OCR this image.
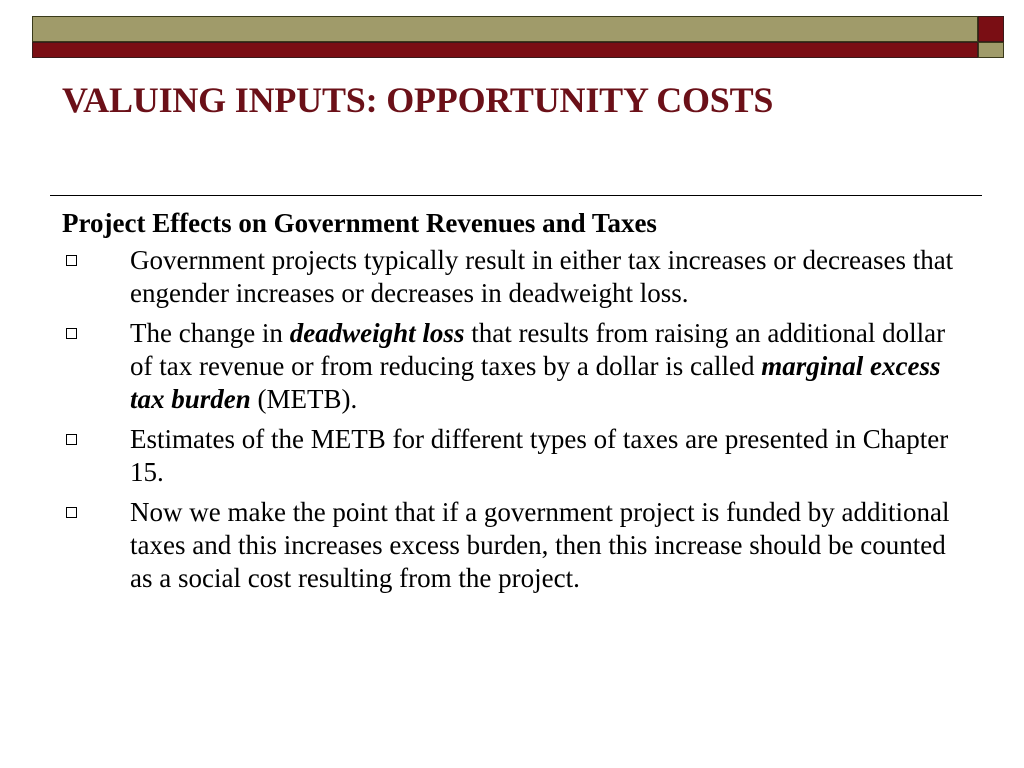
VALUING INPUTS: OPPORTUNITY COSTS
Project Effects on Government Revenues and Taxes
Government projects typically result in either tax increases or decreases that engender increases or decreases in deadweight loss.
The change in deadweight loss that results from raising an additional dollar of tax revenue or from reducing taxes by a dollar is called marginal excess tax burden (METB).
Estimates of the METB for different types of taxes are presented in Chapter 15.
Now we make the point that if a government project is funded by additional taxes and this increases excess burden, then this increase should be counted as a social cost resulting from the project.
